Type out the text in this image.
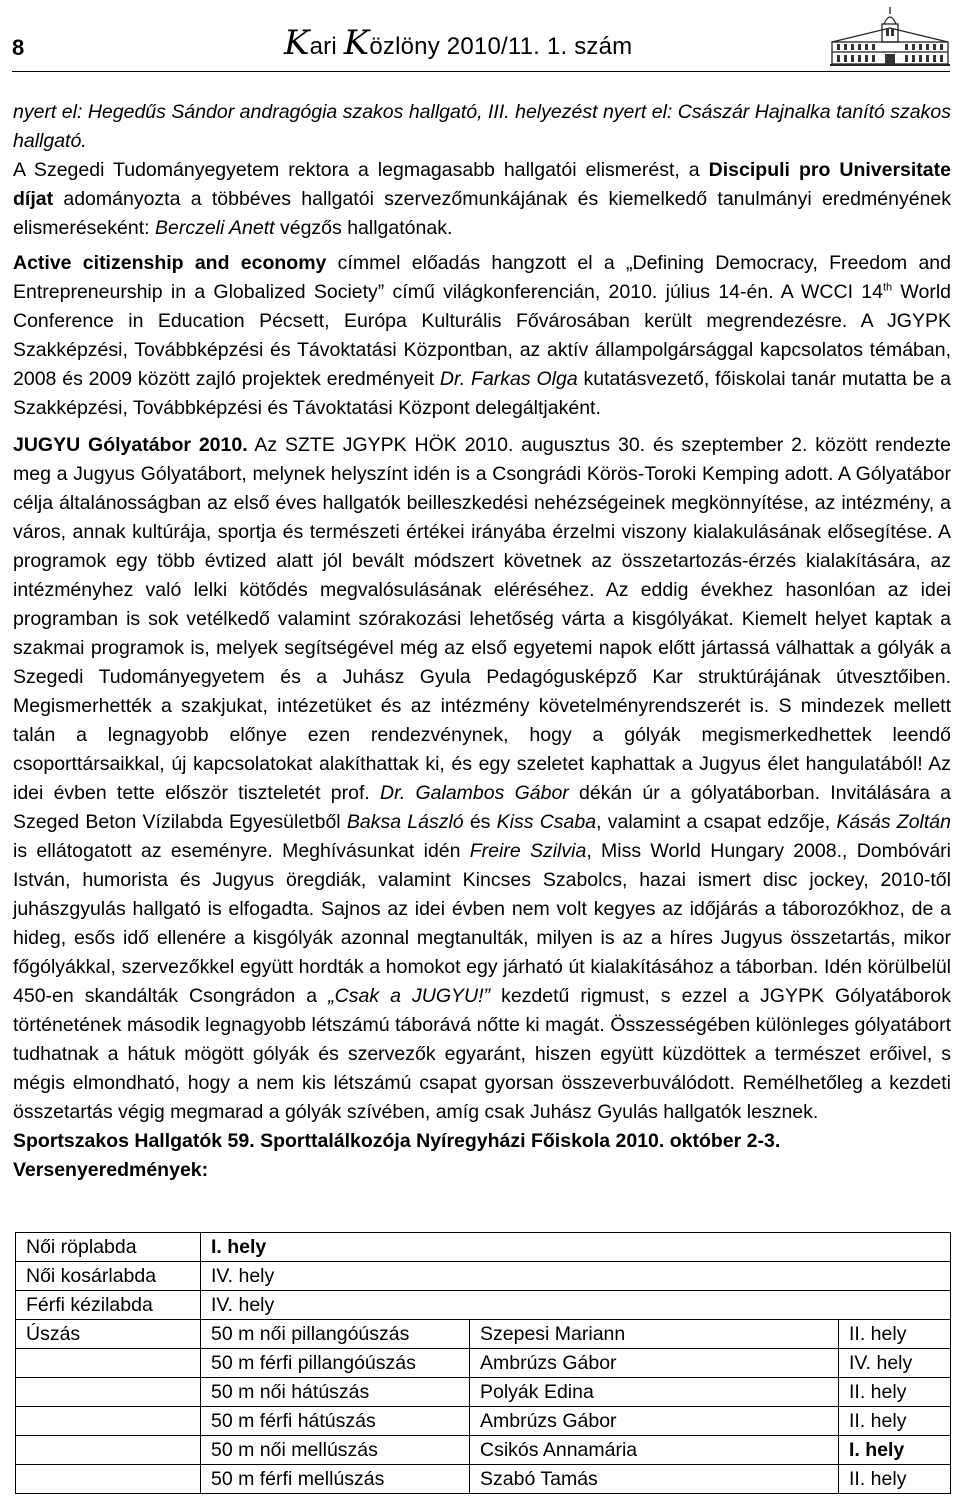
8	Kari Közlöny 2010/11. 1. szám

nyert el: Hegedűs Sándor andragógia szakos hallgató, III. helyezést nyert el: Császár Hajnalka tanító szakos hallgató.

A Szegedi Tudományegyetem rektora a legmagasabb hallgatói elismerést, a Discipuli pro Universitate díjat adományozta a többéves hallgatói szervezőmunkájának és kiemelkedő tanulmányi eredményének elismeréseként: Berczeli Anett végzős hallgatónak.

Active citizenship and economy címmel előadás hangzott el a „Defining Democracy, Freedom and Entrepreneurship in a Globalized Society” című világkonferencián, 2010. július 14-én. A WCCI 14th World Conference in Education Pécsett, Európa Kulturális Fővárosában került megrendezésre. A JGYPK Szakképzési, Továbbképzési és Távoktatási Központban, az aktív állampolgársággal kapcsolatos témában, 2008 és 2009 között zajló projektek eredményeit Dr. Farkas Olga kutatásvezető, főiskolai tanár mutatta be a Szakképzési, Továbbképzési és Távoktatási Központ delegáltjaként.

JUGYU Gólyatábor 2010. Az SZTE JGYPK HÖK 2010. augusztus 30. és szeptember 2. között rendezte meg a Jugyus Gólyatábort, melynek helyszínt idén is a Csongrádi Körös-Toroki Kemping adott. A Gólyatábor célja általánosságban az első éves hallgatók beilleszkedési nehézségeinek megkönnyítése, az intézmény, a város, annak kultúrája, sportja és természeti értékei irányába érzelmi viszony kialakulásának elősegítése. A programok egy több évtized alatt jól bevált módszert követnek az összetartozás-érzés kialakítására, az intézményhez való lelki kötődés megvalósulásának eléréséhez. Az eddig évekhez hasonlóan az idei programban is sok vetélkedő valamint szórakozási lehetőség várta a kisgólyákat. Kiemelt helyet kaptak a szakmai programok is, melyek segítségével még az első egyetemi napok előtt jártassá válhattak a gólyák a Szegedi Tudományegyetem és a Juhász Gyula Pedagógusképző Kar struktúrájának útvesztőiben. Megismerhették a szakjukat, intézetüket és az intézmény követelményrendszerét is. S mindezek mellett talán a legnagyobb előnye ezen rendezvénynek, hogy a gólyák megismerkedhettek leendő csoporttársaikkal, új kapcsolatokat alakíthattak ki, és egy szeletet kaphattak a Jugyus élet hangulatából! Az idei évben tette először tiszteletét prof. Dr. Galambos Gábor dékán úr a gólyatáborban. Invitálására a Szeged Beton Vízilabda Egyesületből Baksa László és Kiss Csaba, valamint a csapat edzője, Kásás Zoltán is ellátogatott az eseményre. Meghívásunkat idén Freire Szilvia, Miss World Hungary 2008., Dombóvári István, humorista és Jugyus öregdiák, valamint Kincses Szabolcs, hazai ismert disc jockey, 2010-től juhászgyulás hallgató is elfogadta. Sajnos az idei évben nem volt kegyes az időjárás a táborozókhoz, de a hideg, esős idő ellenére a kisgólyák azonnal megtanulták, milyen is az a híres Jugyus összetartás, mikor főgólyákkal, szervezőkkel együtt hordták a homokot egy járható út kialakításához a táborban. Idén körülbelül 450-en skandálták Csongrádon a „Csak a JUGYU!” kezdetű rigmust, s ezzel a JGYPK Gólyatáborok történetének második legnagyobb létszámú táborává nőtte ki magát. Összességében különleges gólyatábort tudhatnak a hátuk mögött gólyák és szervezők egyaránt, hiszen együtt küzdöttek a természet erőivel, s mégis elmondható, hogy a nem kis létszámú csapat gyorsan összeverbuválódott. Remélhetőleg a kezdeti összetartás végig megmarad a gólyák szívében, amíg csak Juhász Gyulás hallgatók lesznek.

Sportszakos Hallgatók 59. Sporttalálkozója Nyíregyházi Főiskola 2010. október 2-3.

Versenyeredmények:

Női röplabda	I. hely		
Női kosárlabda	IV. hely		
Férfi kézilabda	IV. hely		
Úszás	50 m női pillangóúszás	Szepesi Mariann	II. hely
	50 m férfi pillangóúszás	Ambrúzs Gábor	IV. hely
	50 m női hátúszás	Polyák Edina	II. hely
	50 m férfi hátúszás	Ambrúzs Gábor	II. hely
	50 m női mellúszás	Csikós Annamária	I. hely
	50 m férfi mellúszás	Szabó Tamás	II. hely
